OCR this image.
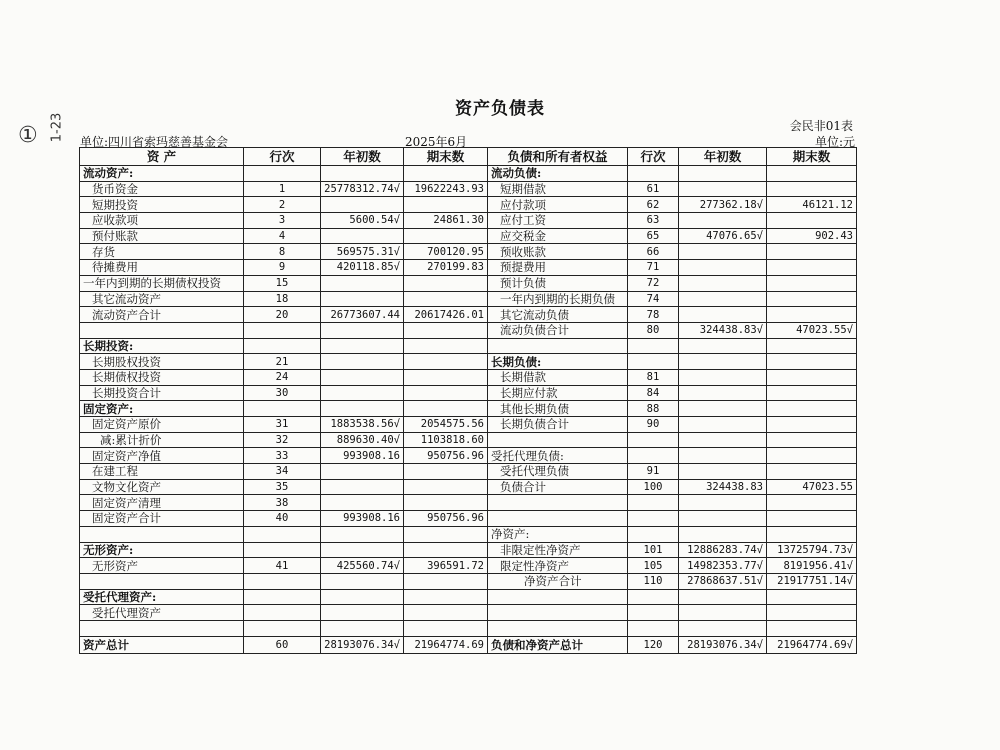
资产负债表
会民非01表
单位:四川省索玛慈善基金会	2025年6月	单位:元
① 1-23
资 产	行次	年初数	期末数	负债和所有者权益	行次	年初数	期末数
流动资产:				流动负债:			
货币资金	1	25778312.74√	19622243.93	短期借款	61		
短期投资	2			应付款项	62	277362.18√	46121.12
应收款项	3	5600.54√	24861.30	应付工资	63		
预付账款	4			应交税金	65	47076.65√	902.43
存货	8	569575.31√	700120.95	预收账款	66		
待摊费用	9	420118.85√	270199.83	预提费用	71		
一年内到期的长期债权投资	15			预计负债	72		
其它流动资产	18			一年内到期的长期负债	74		
流动资产合计	20	26773607.44	20617426.01	其它流动负债	78		
				流动负债合计	80	324438.83√	47023.55√
长期投资:							
长期股权投资	21			长期负债:			
长期债权投资	24			长期借款	81		
长期投资合计	30			长期应付款	84		
固定资产:				其他长期负债	88		
固定资产原价	31	1883538.56√	2054575.56	长期负债合计	90		
减:累计折价	32	889630.40√	1103818.60				
固定资产净值	33	993908.16	950756.96	受托代理负债:			
在建工程	34			受托代理负债	91		
文物文化资产	35			负债合计	100	324438.83	47023.55
固定资产清理	38						
固定资产合计	40	993908.16	950756.96				
				净资产:			
无形资产:				非限定性净资产	101	12886283.74√	13725794.73√
无形资产	41	425560.74√	396591.72	限定性净资产	105	14982353.77√	8191956.41√
				净资产合计	110	27868637.51√	21917751.14√
受托代理资产:							
受托代理资产							

资产总计	60	28193076.34√	21964774.69	负债和净资产总计	120	28193076.34√	21964774.69√
